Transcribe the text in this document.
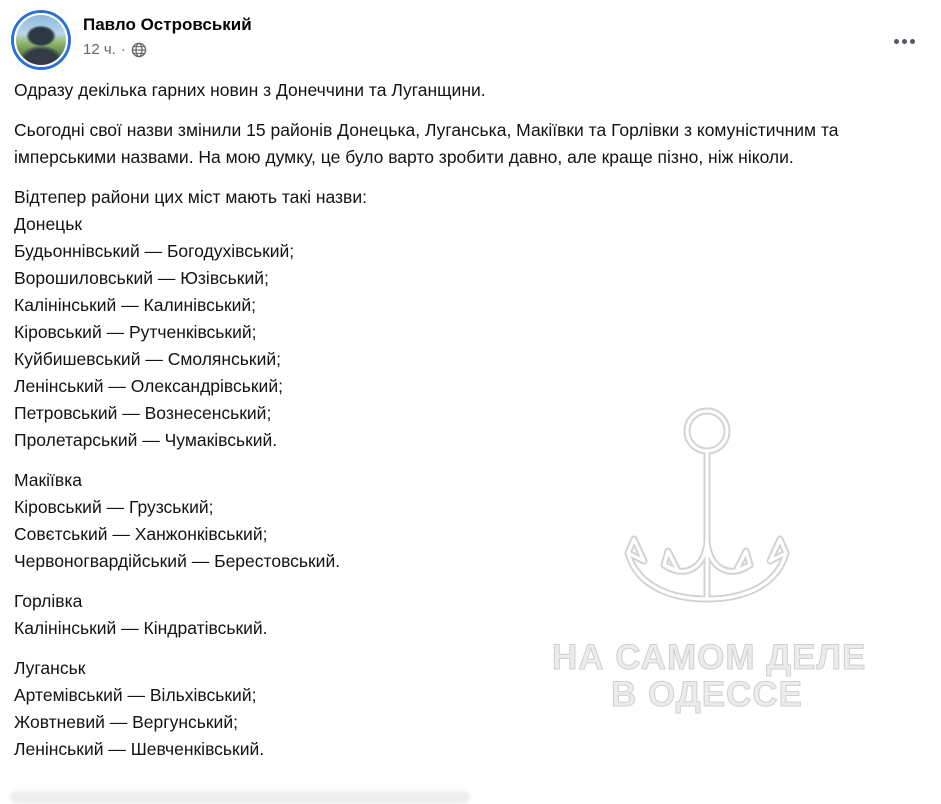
Павло Островський
12 ч. ·

Одразу декілька гарних новин з Донеччини та Луганщини.

Сьогодні свої назви змінили 15 районів Донецька, Луганська, Макіївки та Горлівки з комуністичним та імперськими назвами. На мою думку, це було варто зробити давно, але краще пізно, ніж ніколи.

Відтепер райони цих міст мають такі назви:
Донецьк
Будьоннівський — Богодухівський;
Ворошиловський — Юзівський;
Калінінський — Калинівський;
Кіровський — Рутченківський;
Куйбишевський — Смолянський;
Ленінський — Олександрівський;
Петровський — Вознесенський;
Пролетарський — Чумаківський.

Макіївка
Кіровський — Грузський;
Совєтський — Ханжонківський;
Червоногвардійський — Берестовський.

Горлівка
Калінінський — Кіндратівський.

Луганськ
Артемівський — Вільхівський;
Жовтневий — Вергунський;
Ленінський — Шевченківський.

НА САМОМ ДЕЛЕ
В ОДЕССЕ
